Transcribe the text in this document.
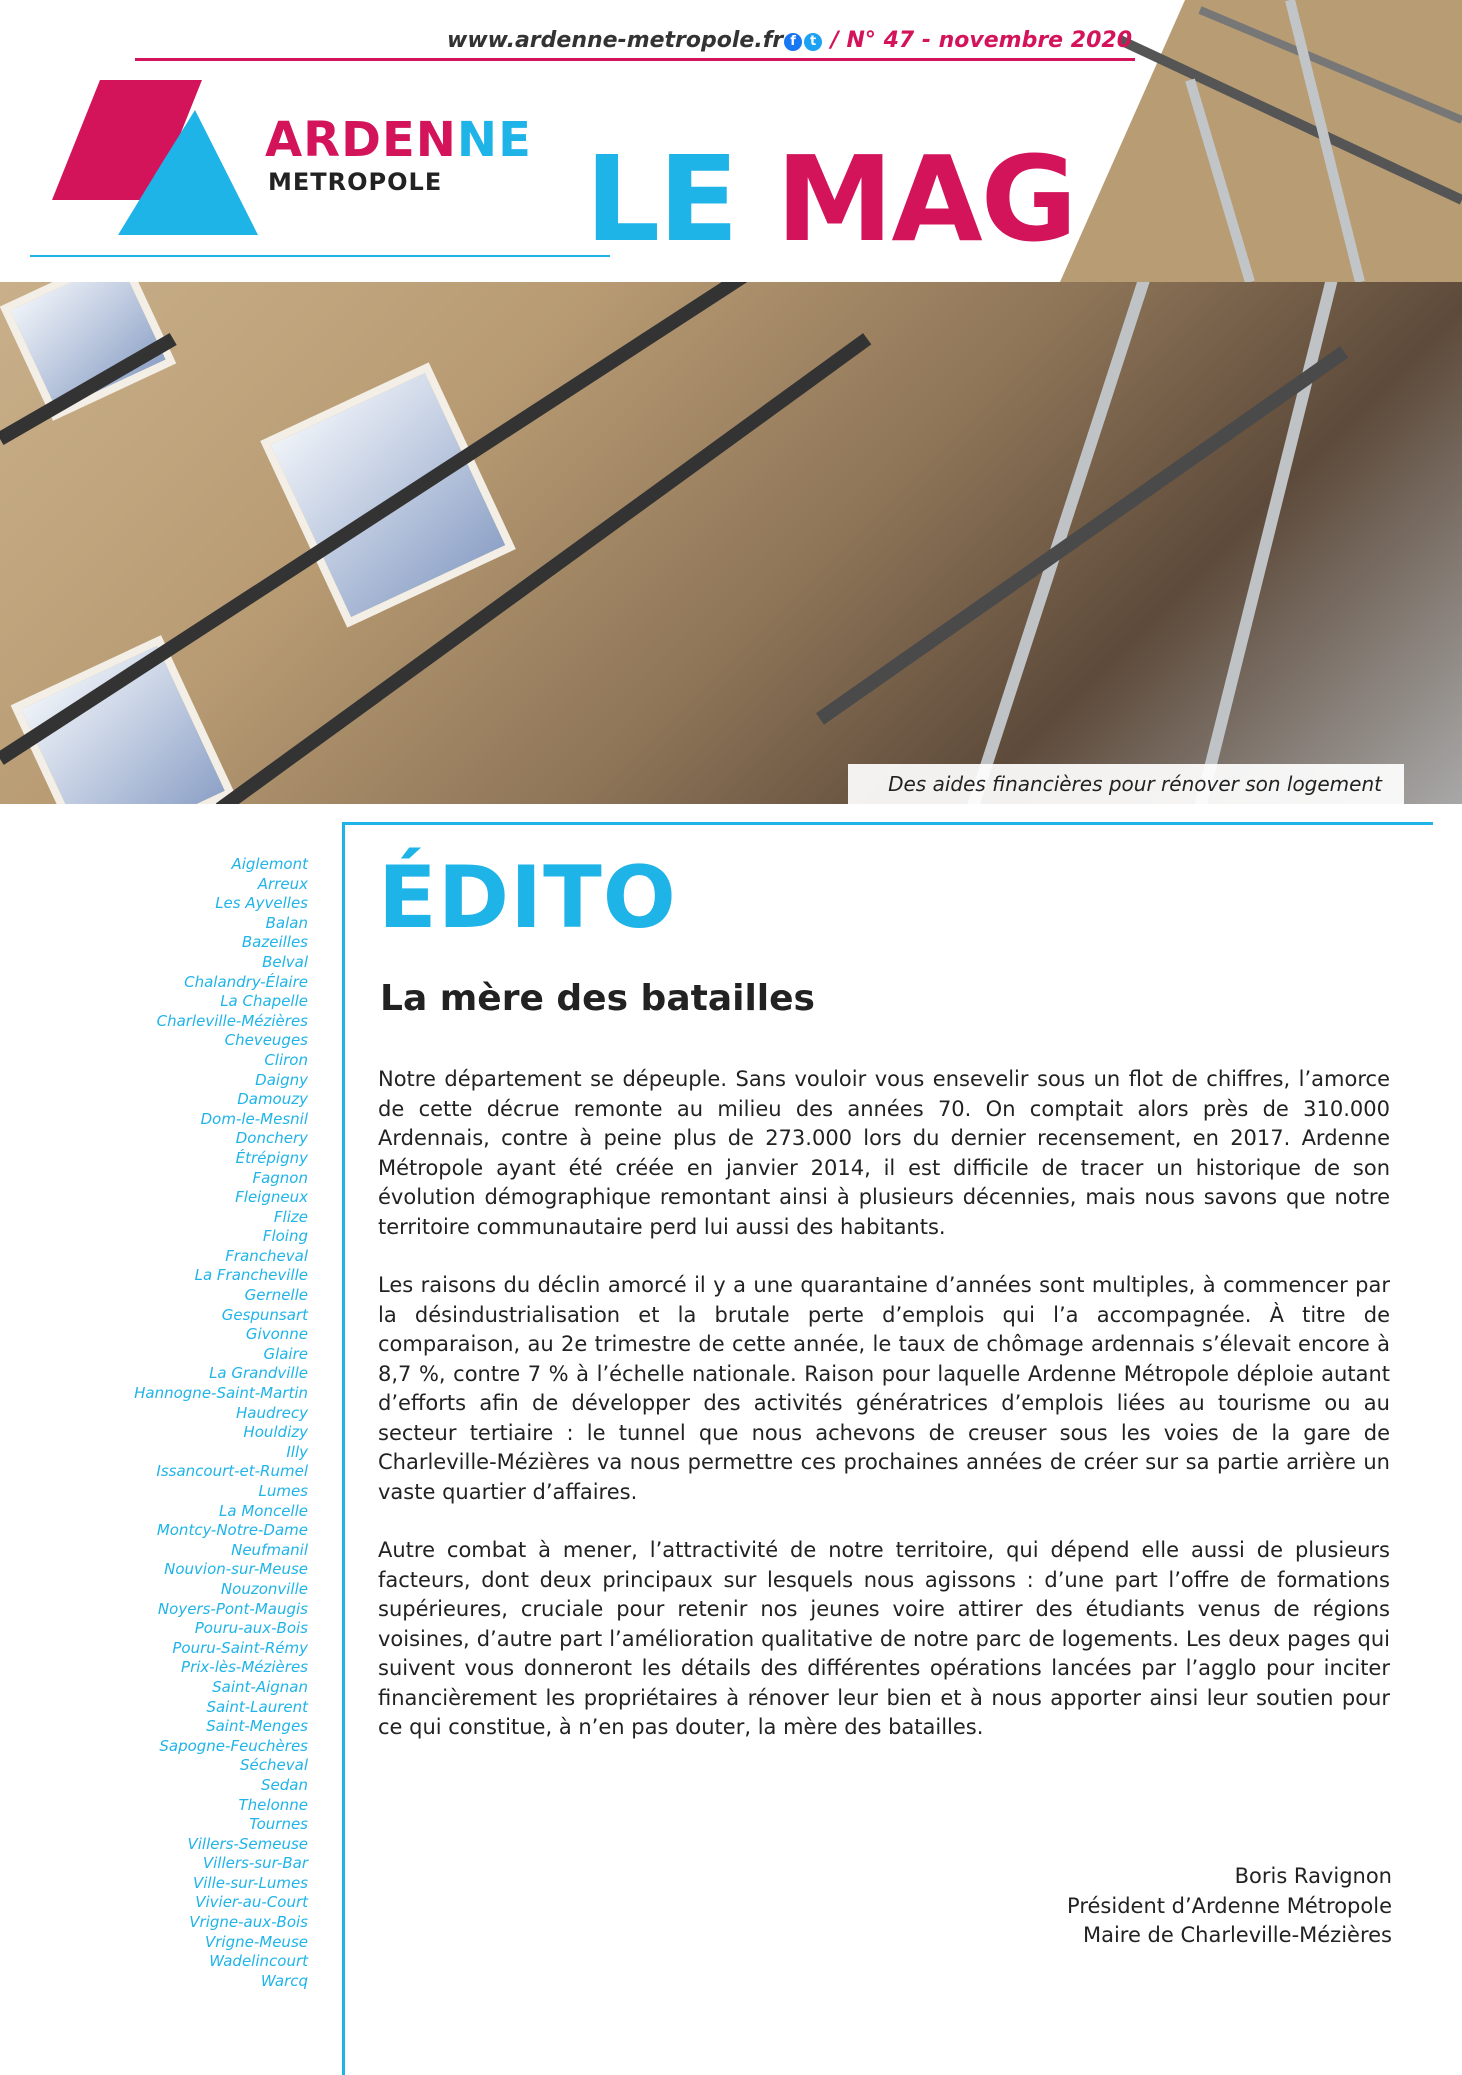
Des aides financières pour rénover son logement
www.ardenne-metropole.fr f t / N° 47 - novembre 2020
ARDENNE
METROPOLE LE MAG
Aiglemont
Arreux
Les Ayvelles
Balan
Bazeilles
Belval
Chalandry-Élaire
La Chapelle
Charleville-Mézières
Cheveuges
Cliron
Daigny
Damouzy
Dom-le-Mesnil
Donchery
Étrépigny
Fagnon
Fleigneux
Flize
Floing
Francheval
La Francheville
Gernelle
Gespunsart
Givonne
Glaire
La Grandville
Hannogne-Saint-Martin
Haudrecy
Houldizy
Illy
Issancourt-et-Rumel
Lumes
La Moncelle
Montcy-Notre-Dame
Neufmanil
Nouvion-sur-Meuse
Nouzonville
Noyers-Pont-Maugis
Pouru-aux-Bois
Pouru-Saint-Rémy
Prix-lès-Mézières
Saint-Aignan
Saint-Laurent
Saint-Menges
Sapogne-Feuchères
Sécheval
Sedan
Thelonne
Tournes
Villers-Semeuse
Villers-sur-Bar
Ville-sur-Lumes
Vivier-au-Court
Vrigne-aux-Bois
Vrigne-Meuse
Wadelincourt
Warcq
ÉDITO
La mère des batailles

Notre département se dépeuple. Sans vouloir vous ensevelir sous un flot de chiffres, l’amorce de cette décrue remonte au milieu des années 70. On comptait alors près de 310.000 Ardennais, contre à peine plus de 273.000 lors du dernier recensement, en 2017. Ardenne Métropole ayant été créée en janvier 2014, il est difficile de tracer un historique de son évolution démographique remontant ainsi à plusieurs décennies, mais nous savons que notre territoire communautaire perd lui aussi des habitants.

Les raisons du déclin amorcé il y a une quarantaine d’années sont multiples, à commencer par la désindustrialisation et la brutale perte d’emplois qui l’a accompagnée. À titre de comparaison, au 2e trimestre de cette année, le taux de chômage ardennais s’élevait encore à 8,7 %, contre 7 % à l’échelle nationale. Raison pour laquelle Ardenne Métropole déploie autant d’efforts afin de développer des activités génératrices d’emplois liées au tourisme ou au secteur tertiaire : le tunnel que nous achevons de creuser sous les voies de la gare de Charleville-Mézières va nous permettre ces prochaines années de créer sur sa partie arrière un vaste quartier d’affaires.

Autre combat à mener, l’attractivité de notre territoire, qui dépend elle aussi de plusieurs facteurs, dont deux principaux sur lesquels nous agissons : d’une part l’offre de formations supérieures, cruciale pour retenir nos jeunes voire attirer des étudiants venus de régions voisines, d’autre part l’amélioration qualitative de notre parc de logements. Les deux pages qui suivent vous donneront les détails des différentes opérations lancées par l’agglo pour inciter financièrement les propriétaires à rénover leur bien et à nous apporter ainsi leur soutien pour ce qui constitue, à n’en pas douter, la mère des batailles.

Boris Ravignon
Président d’Ardenne Métropole
Maire de Charleville-Mézières
